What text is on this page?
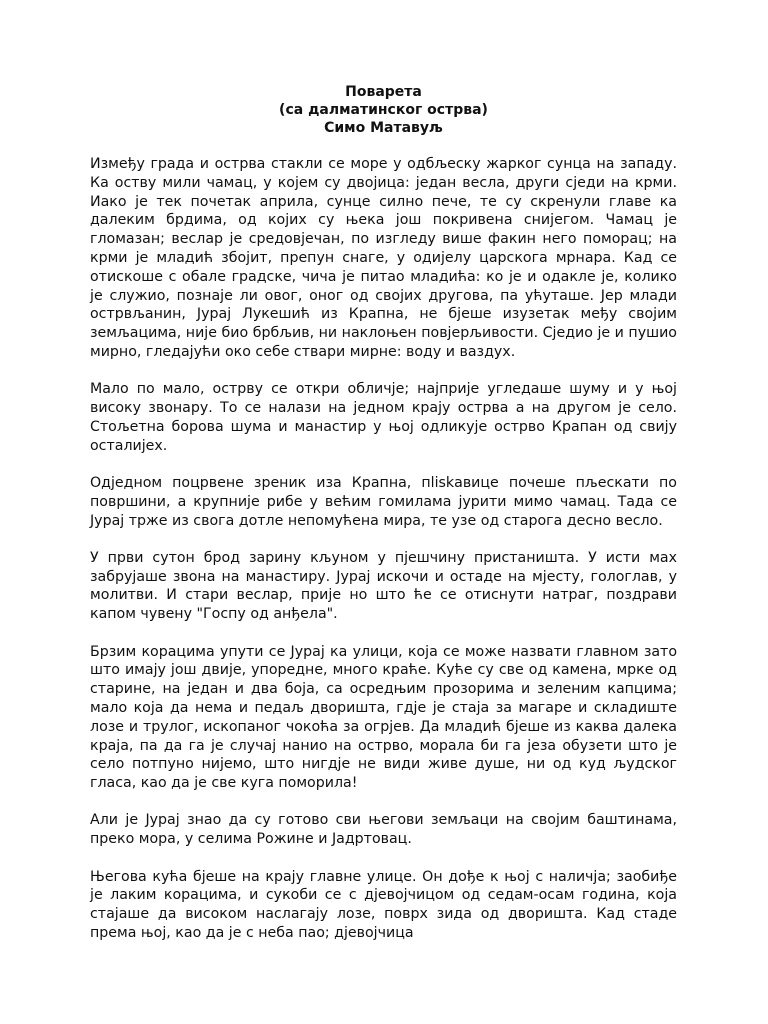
Поварета
(са далматинског острва)
Симо Матавуљ

Између града и острва стакли се море у одбљеску жарког сунца на западу. Ка оству мили чамац, у којем су двојица: један весла, други сједи на крми. Иако је тек почетак априла, сунце силно пече, те су скренули главе ка далеким брдима, од којих су њека још покривена снијегом. Чамац је гломазан; веслар је средовјечан, по изгледу више факин него поморац; на крми је младић збојит, препун снаге, у одијелу царскога мрнара. Кад се отискоше с обале градске, чича је питао младића: ко је и одакле је, колико је служио, познаје ли овог, оног од својих другова, па ућуташе. Јер млади острвљанин, Јурај Лукешић из Крапна, не бјеше изузетак међу својим земљацима, није био брбљив, ни наклоњен повјерљивости. Сједио је и пушио мирно, гледајући око себе ствари мирне: воду и ваздух.

Мало по мало, острву се откри обличје; најприје угледаше шуму и у њој високу звонару. То се налази на једном крају острва а на другом је село. Стољетна борова шума и манастир у њој одликује острво Крапан од свију осталијех.

Одједном поцрвене зреник иза Крапна, пliskавице почеше пљескати по површини, а крупније рибе у већим гомилама јурити мимо чамац. Тада се Јурај трже из свога дотле непомућена мира, те узе од старога десно весло.

У први сутон брод зарину кљуном у пјешчину пристаништа. У исти мах забрујаше звона на манастиру. Јурај искочи и остаде на мјесту, гологлав, у молитви. И стари веслар, прије но што ће се отиснути натраг, поздрави капом чувену "Госпу од анђела".

Брзим корацима упути се Јурај ка улици, која се може назвати главном зато што имају још двије, упоредне, много краће. Куће су све од камена, мрке од старине, на један и два боја, са осредњим прозорима и зеленим капцима; мало која да нема и педаљ дворишта, гдје је стаја за магаре и складиште лозе и трулог, ископаног чокоћа за огрјев. Да младић бјеше из каква далека краја, па да га је случај нанио на острво, морала би га језа обузети што је село потпуно нијемо, што нигдје не види живе душе, ни од куд људског гласа, као да је све куга поморила!

Али је Јурај знао да су готово сви његови земљаци на својим баштинама, преко мора, у селима Рожине и Јадртовац.

Његова кућа бјеше на крају главне улице. Он дође к њој с наличја; заобиђе је лаким корацима, и сукоби се с дјевојчицом од седам-осам година, која стајаше да високом наслагају лозе, поврх зида од дворишта. Кад стаде према њој, као да је с неба пао; дјевојчица
